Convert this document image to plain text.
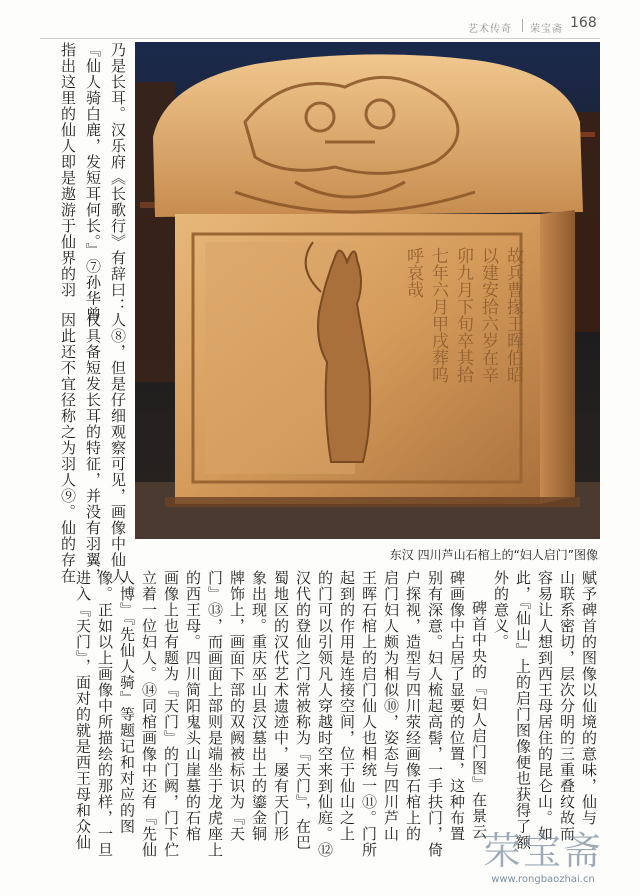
艺术传奇 荣宝斋 168
乃是长耳。汉乐府《长歌行》有辞曰：
『仙人骑白鹿，发短耳何长。』⑦孙华曾
指出这里的仙人即是遨游于仙界的羽
人⑧，但是仔细观察可见，画像中仙人
仅具备短发长耳的特征，并没有羽翼，
因此还不宜径称之为羽人⑨。仙的存在	故兵曹掾王晖伯昭
以建安拾六岁在辛
卯九月下旬卒其拾
七年六月甲戌葬呜
呼哀哉
东汉 四川芦山石棺上的“妇人启门”图像
赋予碑首的图像以仙境的意味，仙与
山联系密切，层次分明的三重叠纹故而
容易让人想到西王母居住的昆仑山。如
此，『仙山』上的启门图像便也获得了额
外的意义。
碑首中央的『妇人启门图』在景云
碑画像中占居了显要的位置，这种布置
别有深意。妇人梳起高髻，一手扶门，倚
户探视，造型与四川荥经画像石棺上的
启门妇人颇为相似⑩，姿态与四川芦山
王晖石棺上的启门仙人也相统一⑪。门所
起到的作用是连接空间，位于仙山之上
的门可以引领凡人穿越时空来到仙庭。⑫
汉代的登仙之门常被称为『天门』，在巴
蜀地区的汉代艺术遗迹中，屡有天门形
象出现。重庆巫山县汉墓出土的鎏金铜
牌饰上，画面下部的双阙被标识为『天
门』⑬，而画面上部则是端坐于龙虎座上
的西王母。四川简阳鬼头山崖墓的石棺
画像上也有题为『天门』的门阙，门下伫
立着一位妇人。⑭同棺画像中还有『先仙
人博』『先仙人骑』等题记和对应的图
像。正如以上画像中所描绘的那样，一旦
进入『天门』，面对的就是西王母和众仙
荣宝斋
www.rongbaozhai.cn
